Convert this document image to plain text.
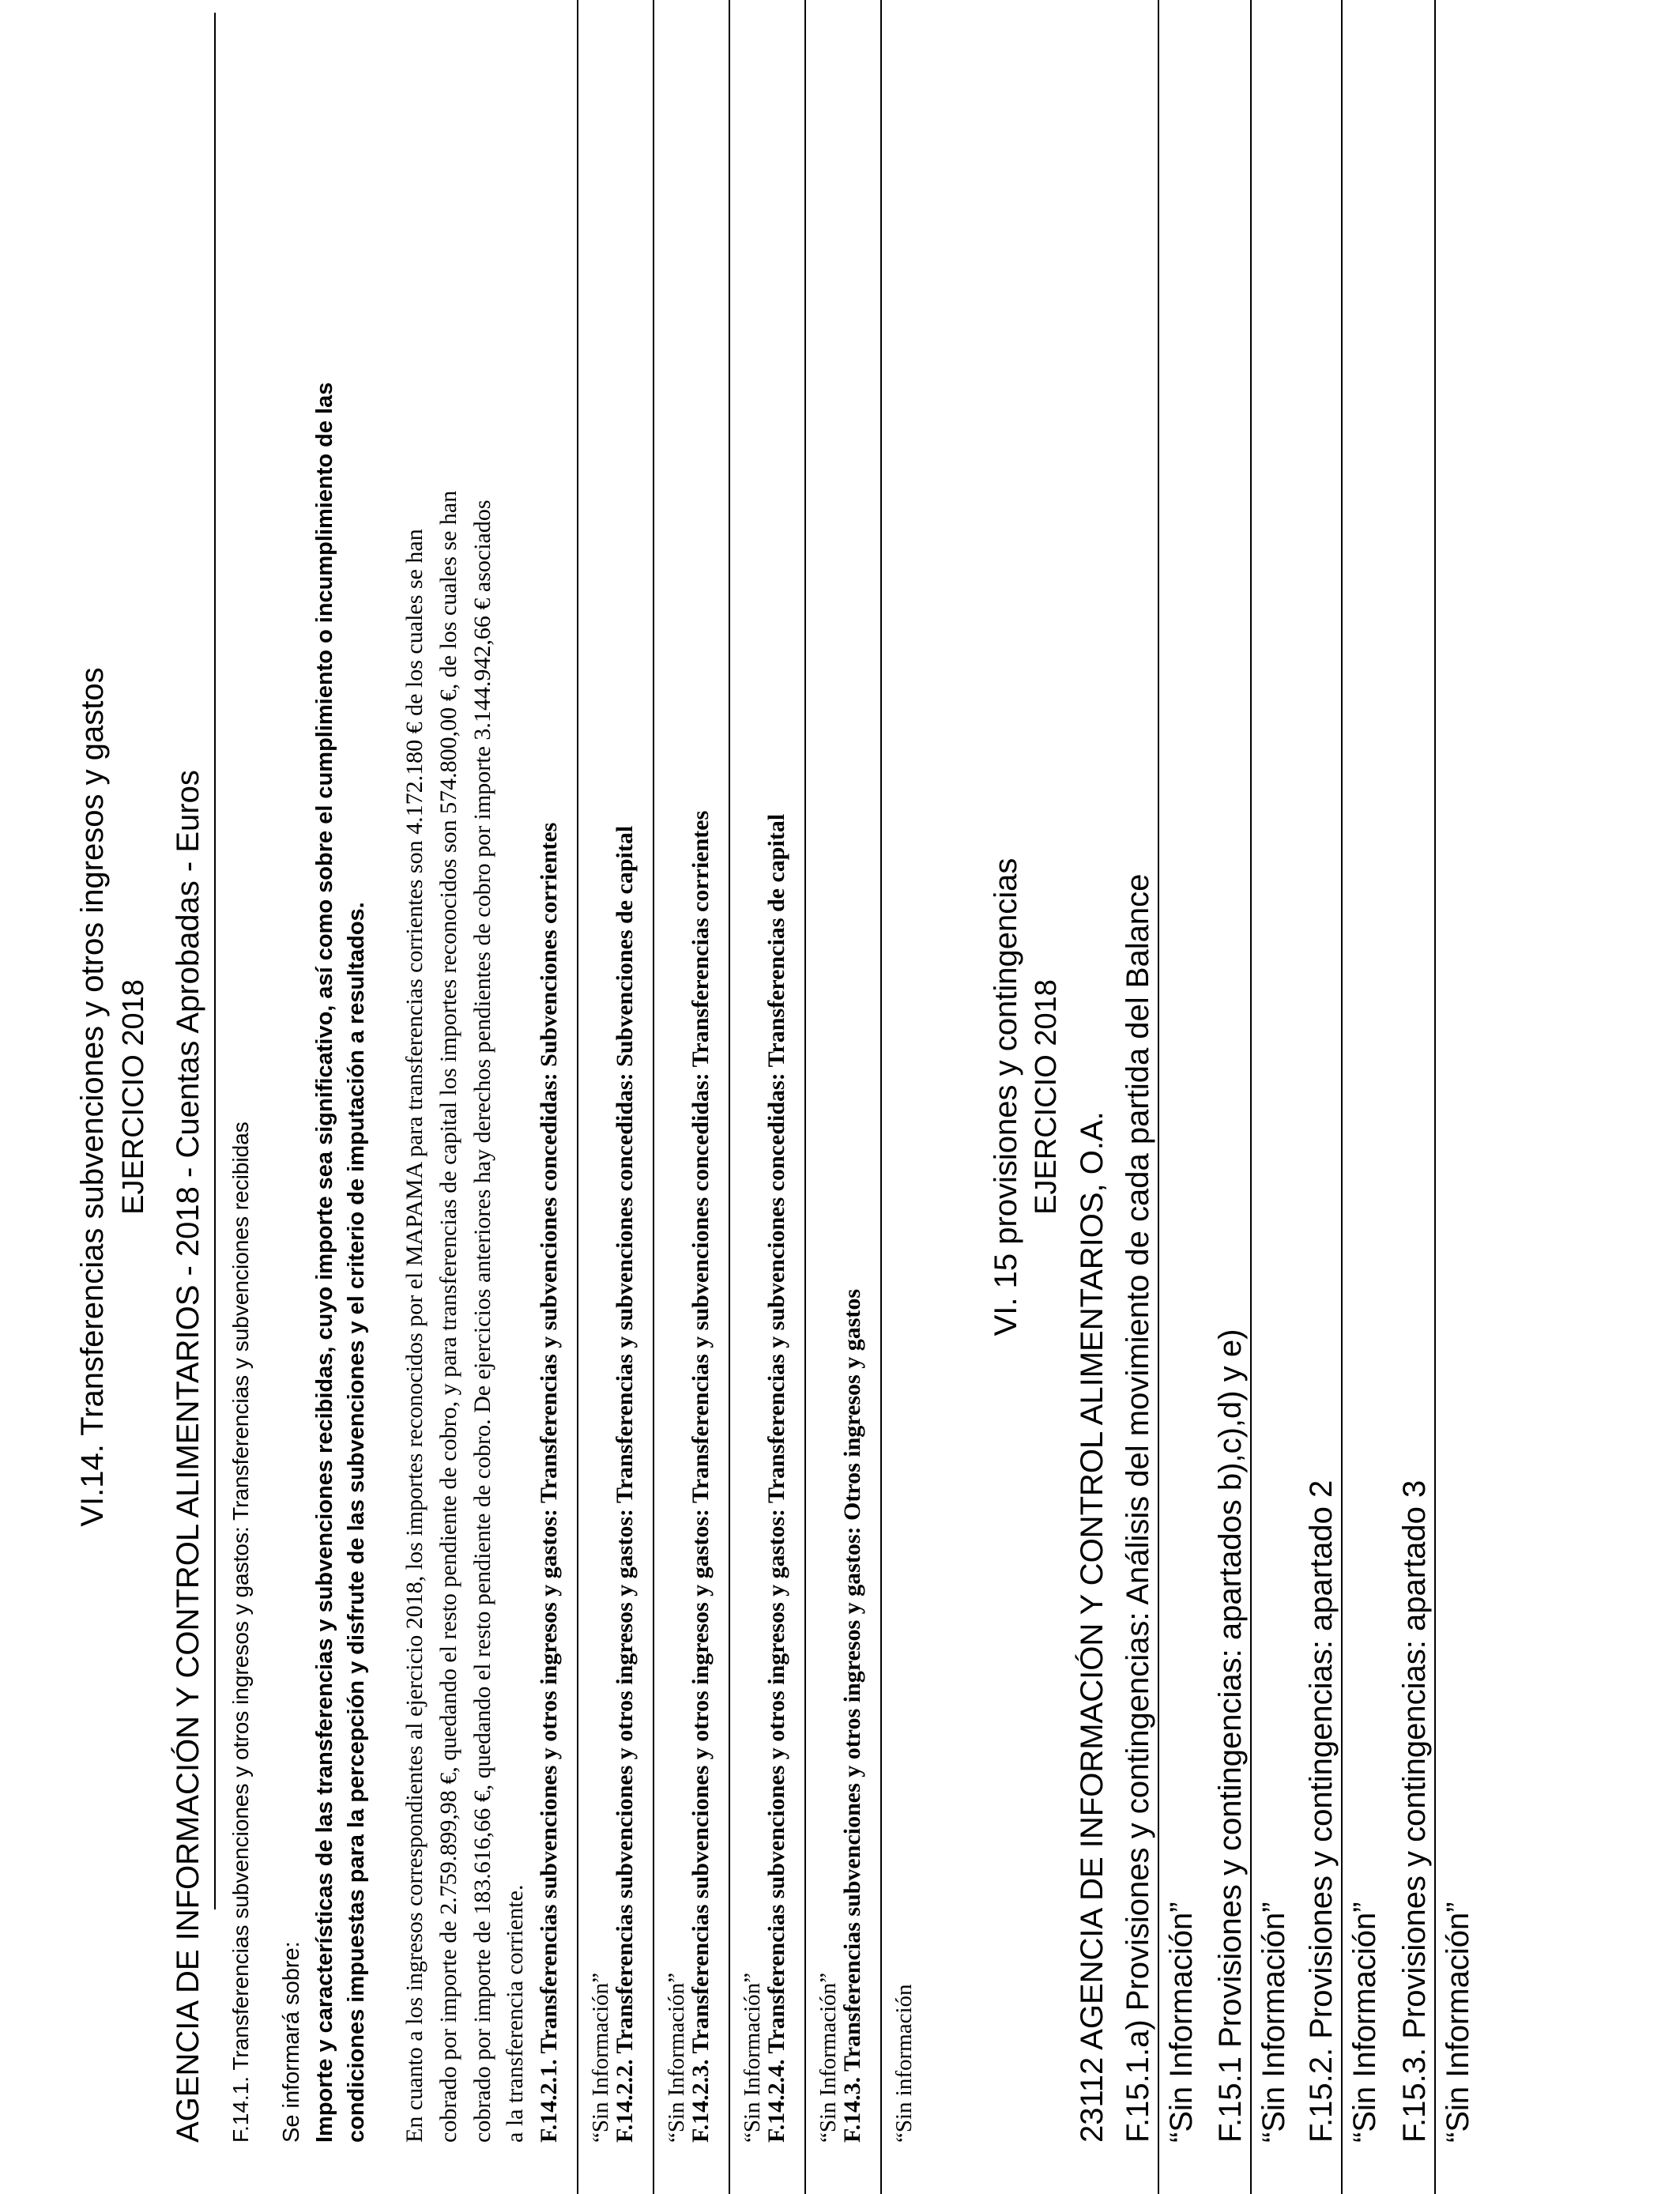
VI.14. Transferencias subvenciones y otros ingresos y gastos EJERCICIO 2018 AGENCIA DE INFORMACIÓN Y CONTROL ALIMENTARIOS - 2018 - Cuentas Aprobadas - Euros F.14.1. Transferencias subvenciones y otros ingresos y gastos: Transferencias y subvenciones recibidas Se informará sobre: Importe y características de las transferencias y subvenciones recibidas, cuyo importe sea significativo, así como sobre el cumplimiento o incumplimiento de las condiciones impuestas para la percepción y disfrute de las subvenciones y el criterio de imputación a resultados. En cuanto a los ingresos correspondientes al ejercicio 2018, los importes reconocidos por el MAPAMA para transferencias corrientes son 4.172.180 € de los cuales se han cobrado por importe de 2.759.899,98 €, quedando el resto pendiente de cobro, y para transferencias de capital los importes reconocidos son 574.800,00 €, de los cuales se han cobrado por importe de 183.616,66 €, quedando el resto pendiente de cobro. De ejercicios anteriores hay derechos pendientes de cobro por importe 3.144.942,66 € asociados a la transferencia corriente. F.14.2.1. Transferencias subvenciones y otros ingresos y gastos: Transferencias y subvenciones concedidas: Subvenciones corrientes “Sin Información”
F.14.2.2. Transferencias subvenciones y otros ingresos y gastos: Transferencias y subvenciones concedidas: Subvenciones de capital “Sin Información”
F.14.2.3. Transferencias subvenciones y otros ingresos y gastos: Transferencias y subvenciones concedidas: Transferencias corrientes “Sin Información”
F.14.2.4. Transferencias subvenciones y otros ingresos y gastos: Transferencias y subvenciones concedidas: Transferencias de capital “Sin Información”
F.14.3. Transferencias subvenciones y otros ingresos y gastos: Otros ingresos y gastos “Sin información
VI. 15 provisiones y contingencias EJERCICIO 2018
23112 AGENCIA DE INFORMACIÓN Y CONTROL ALIMENTARIOS, O.A. F.15.1.a) Provisiones y contingencias: Análisis del movimiento de cada partida del Balance “Sin Información” F.15.1 Provisiones y contingencias: apartados b),c),d) y e) “Sin Información” F.15.2. Provisiones y contingencias: apartado 2 “Sin Información” F.15.3. Provisiones y contingencias: apartado 3 “Sin Información”
